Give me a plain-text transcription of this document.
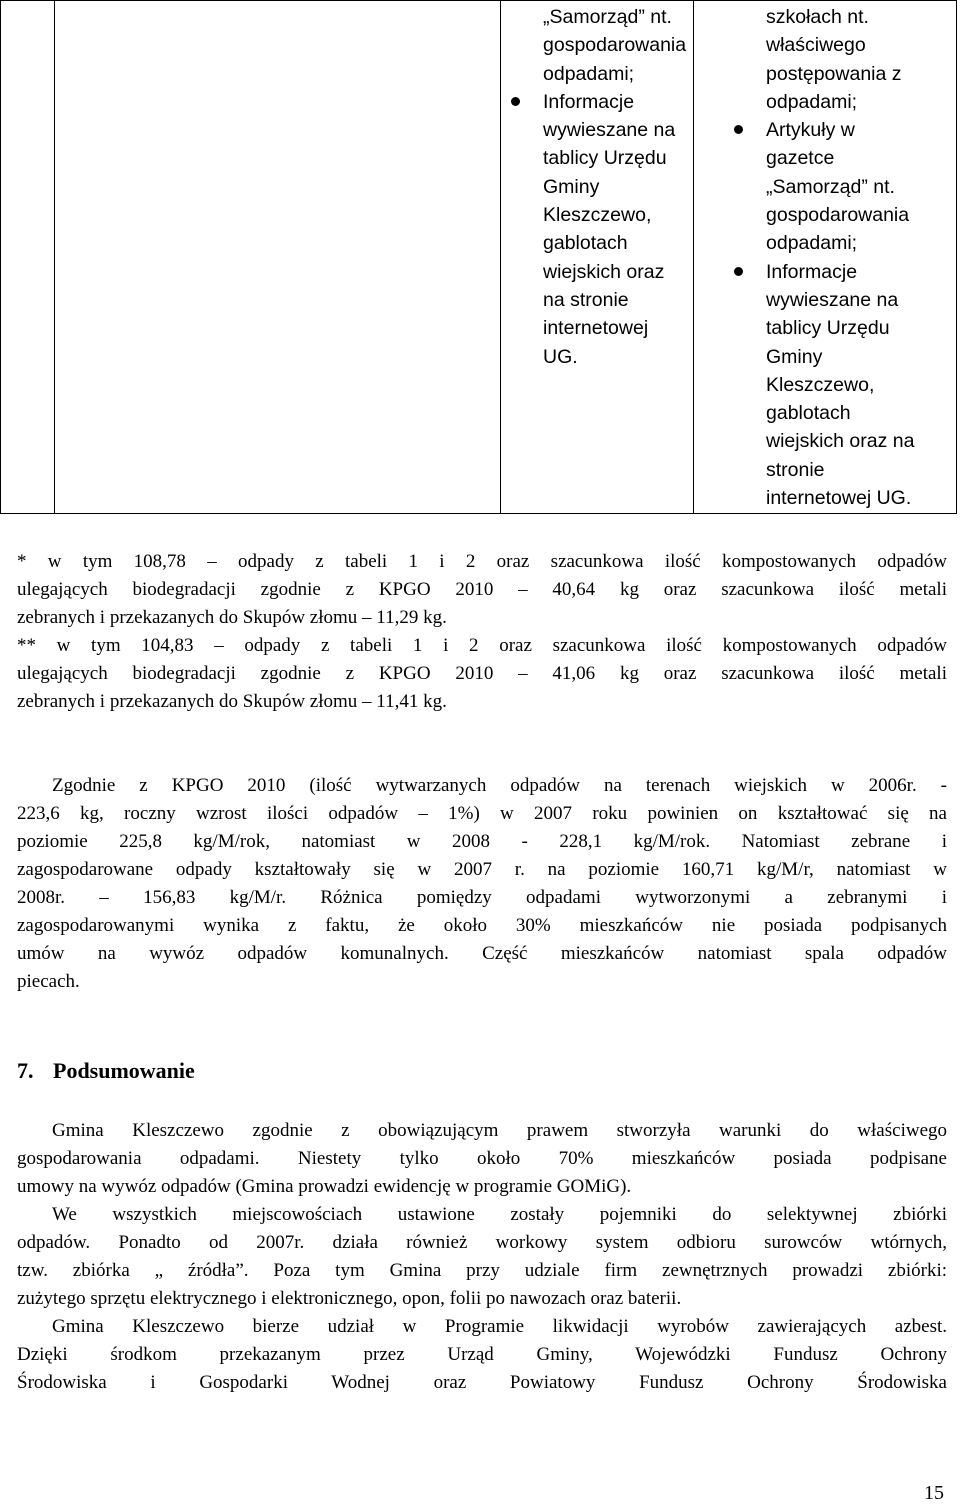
„Samorząd” nt.
gospodarowania
odpadami;
Informacje
wywieszane na
tablicy Urzędu
Gminy
Kleszczewo,
gablotach
wiejskich oraz
na stronie
internetowej
UG.
szkołach nt.
właściwego
postępowania z
odpadami;
Artykuły w
gazetce
„Samorząd” nt.
gospodarowania
odpadami;
Informacje
wywieszane na
tablicy Urzędu
Gminy
Kleszczewo,
gablotach
wiejskich oraz na
stronie
internetowej UG.
* w tym 108,78 – odpady z tabeli 1 i 2 oraz szacunkowa ilość kompostowanych odpadów
ulegających biodegradacji zgodnie z KPGO 2010 – 40,64 kg oraz szacunkowa ilość metali
zebranych i przekazanych do Skupów złomu – 11,29 kg.
** w tym 104,83 – odpady z tabeli 1 i 2 oraz szacunkowa ilość kompostowanych odpadów
ulegających biodegradacji zgodnie z KPGO 2010 – 41,06 kg oraz szacunkowa ilość metali
zebranych i przekazanych do Skupów złomu – 11,41 kg.
Zgodnie z KPGO 2010 (ilość wytwarzanych odpadów na terenach wiejskich w 2006r. -
223,6 kg, roczny wzrost ilości odpadów – 1%) w 2007 roku powinien on kształtować się na
poziomie 225,8 kg/M/rok, natomiast w 2008 - 228,1 kg/M/rok. Natomiast zebrane i
zagospodarowane odpady kształtowały się w 2007 r. na poziomie 160,71 kg/M/r, natomiast w
2008r. – 156,83 kg/M/r. Różnica pomiędzy odpadami wytworzonymi a zebranymi i
zagospodarowanymi wynika z faktu, że około 30% mieszkańców nie posiada podpisanych
umów na wywóz odpadów komunalnych. Część mieszkańców natomiast spala odpadów
piecach.
7. Podsumowanie
Gmina Kleszczewo zgodnie z obowiązującym prawem stworzyła warunki do właściwego
gospodarowania odpadami. Niestety tylko około 70% mieszkańców posiada podpisane
umowy na wywóz odpadów (Gmina prowadzi ewidencję w programie GOMiG).
We wszystkich miejscowościach ustawione zostały pojemniki do selektywnej zbiórki
odpadów. Ponadto od 2007r. działa również workowy system odbioru surowców wtórnych,
tzw. zbiórka „ źródła”. Poza tym Gmina przy udziale firm zewnętrznych prowadzi zbiórki:
zużytego sprzętu elektrycznego i elektronicznego, opon, folii po nawozach oraz baterii.
Gmina Kleszczewo bierze udział w Programie likwidacji wyrobów zawierających azbest.
Dzięki środkom przekazanym przez Urząd Gminy, Wojewódzki Fundusz Ochrony
Środowiska i Gospodarki Wodnej oraz Powiatowy Fundusz Ochrony Środowiska
15
